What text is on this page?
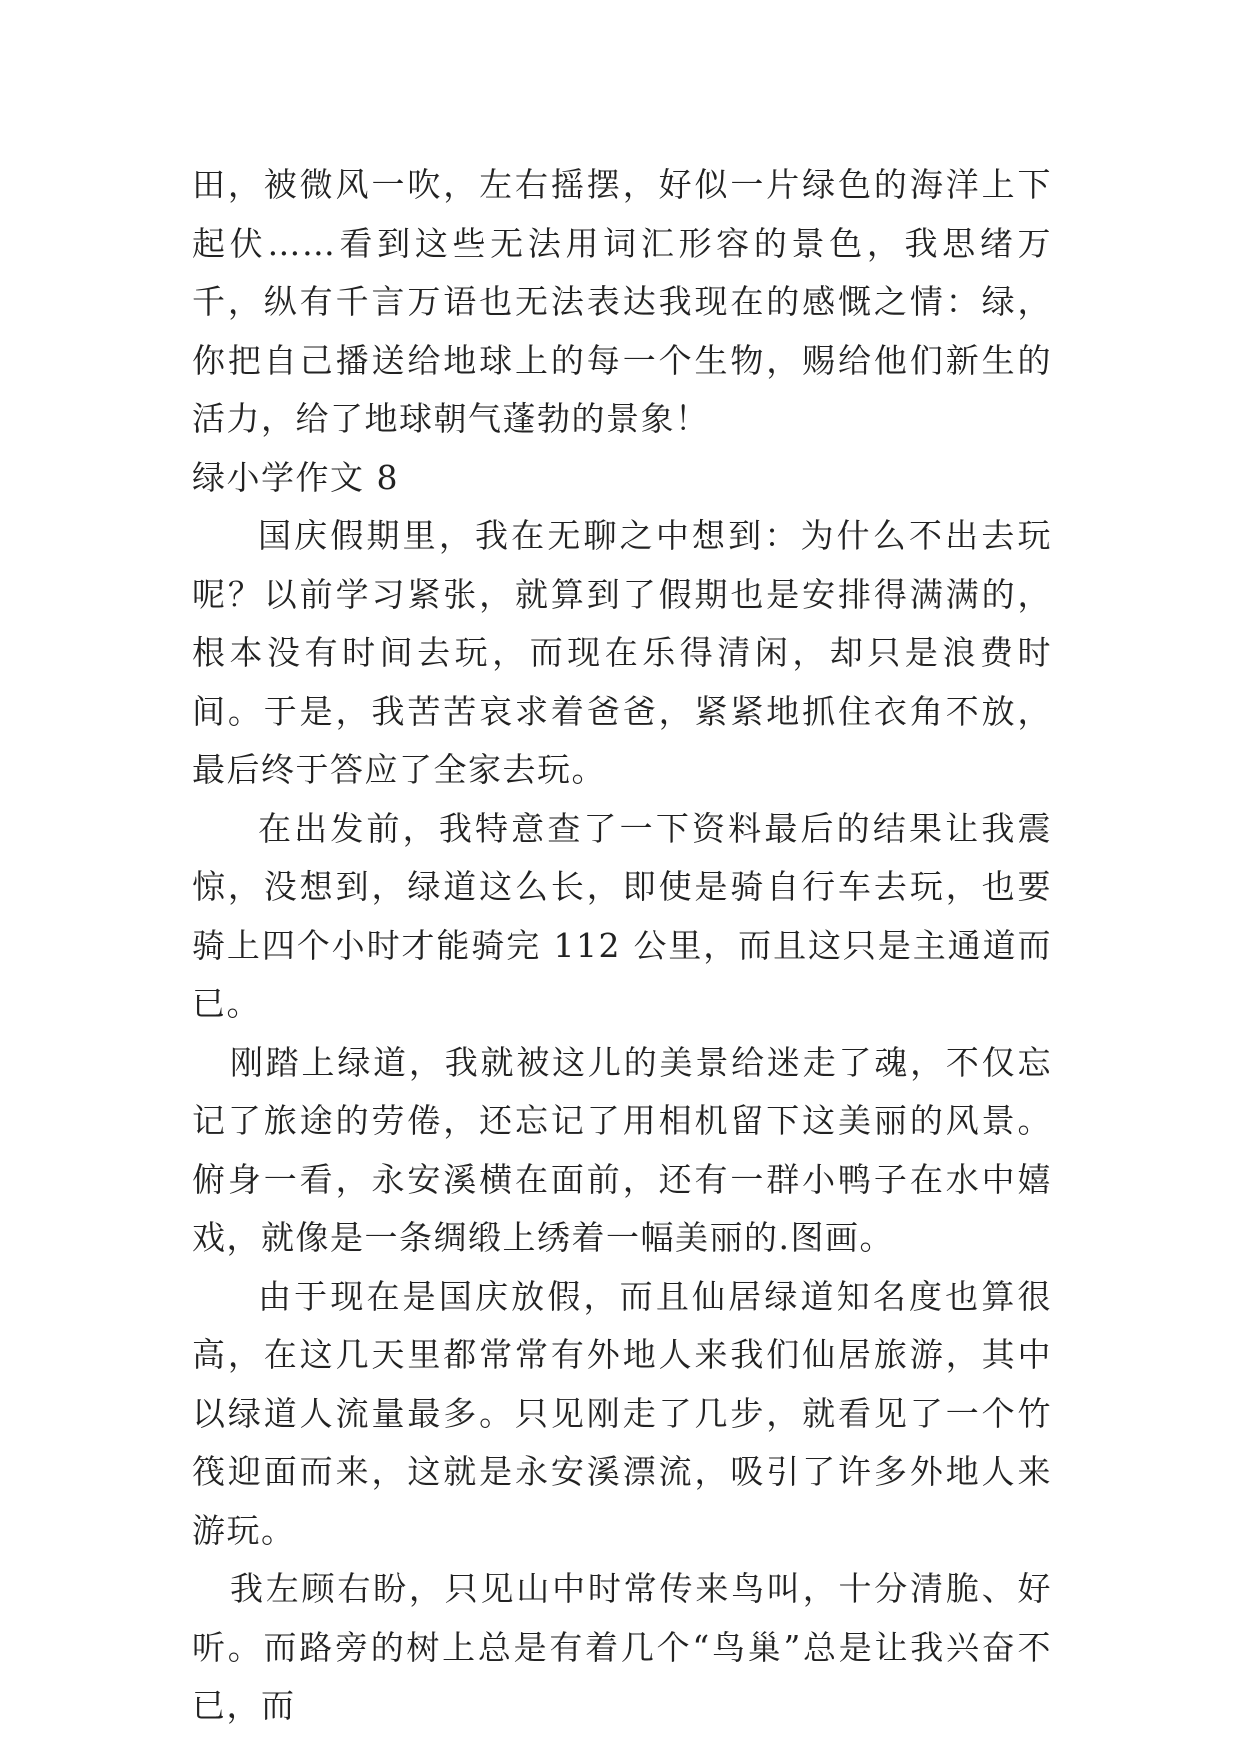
田，被微风一吹，左右摇摆，好似一片绿色的海洋上下起伏……看到这些无法用词汇形容的景色，我思绪万千，纵有千言万语也无法表达我现在的感慨之情：绿，你把自己播送给地球上的每一个生物，赐给他们新生的活力，给了地球朝气蓬勃的景象！

绿小学作文 8

国庆假期里，我在无聊之中想到：为什么不出去玩呢？以前学习紧张，就算到了假期也是安排得满满的，根本没有时间去玩，而现在乐得清闲，却只是浪费时间。于是，我苦苦哀求着爸爸，紧紧地抓住衣角不放，最后终于答应了全家去玩。

在出发前，我特意查了一下资料最后的结果让我震惊，没想到，绿道这么长，即使是骑自行车去玩，也要骑上四个小时才能骑完 112 公里，而且这只是主通道而已。

刚踏上绿道，我就被这儿的美景给迷走了魂，不仅忘记了旅途的劳倦，还忘记了用相机留下这美丽的风景。俯身一看，永安溪横在面前，还有一群小鸭子在水中嬉戏，就像是一条绸缎上绣着一幅美丽的.图画。

由于现在是国庆放假，而且仙居绿道知名度也算很高，在这几天里都常常有外地人来我们仙居旅游，其中以绿道人流量最多。只见刚走了几步，就看见了一个竹筏迎面而来，这就是永安溪漂流，吸引了许多外地人来游玩。

我左顾右盼，只见山中时常传来鸟叫，十分清脆、好听。而路旁的树上总是有着几个“鸟巢”总是让我兴奋不已，而
